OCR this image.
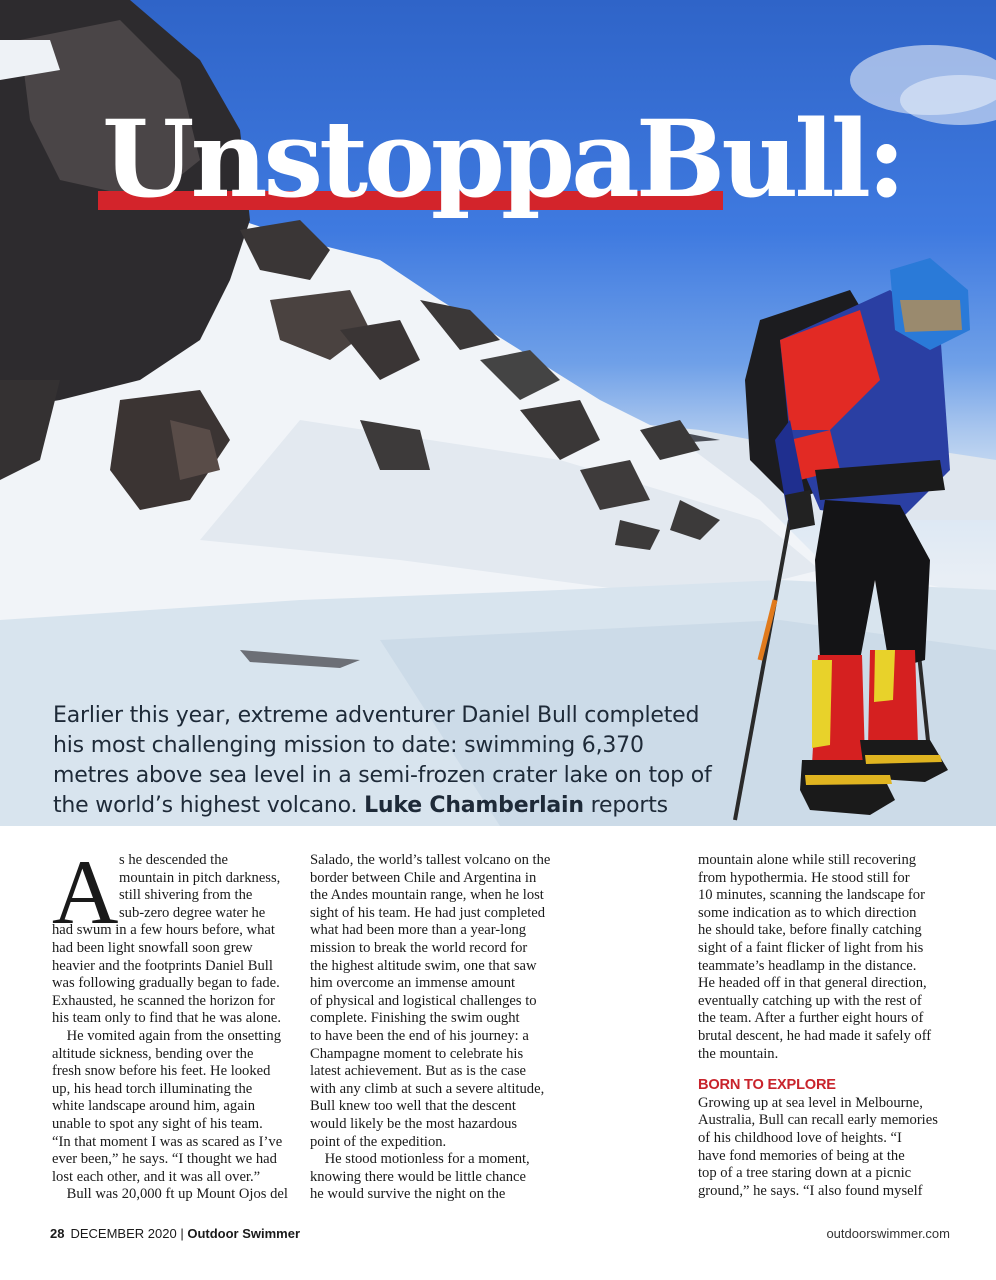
UnstoppaBull:
Earlier this year, extreme adventurer Daniel Bull completed
his most challenging mission to date: swimming 6,370
metres above sea level in a semi-frozen crater lake on top of
the world’s highest volcano. Luke Chamberlain reports
A s he descended the
mountain in pitch darkness,
still shivering from the
sub-zero degree water he
had swum in a few hours before, what
had been light snowfall soon grew
heavier and the footprints Daniel Bull
was following gradually began to fade.
Exhausted, he scanned the horizon for
his team only to find that he was alone.
 He vomited again from the onsetting
altitude sickness, bending over the
fresh snow before his feet. He looked
up, his head torch illuminating the
white landscape around him, again
unable to spot any sight of his team.
“In that moment I was as scared as I’ve
ever been,” he says. “I thought we had
lost each other, and it was all over.”
 Bull was 20,000 ft up Mount Ojos del
Salado, the world’s tallest volcano on the
border between Chile and Argentina in
the Andes mountain range, when he lost
sight of his team. He had just completed
what had been more than a year-long
mission to break the world record for
the highest altitude swim, one that saw
him overcome an immense amount
of physical and logistical challenges to
complete. Finishing the swim ought
to have been the end of his journey: a
Champagne moment to celebrate his
latest achievement. But as is the case
with any climb at such a severe altitude,
Bull knew too well that the descent
would likely be the most hazardous
point of the expedition.
 He stood motionless for a moment,
knowing there would be little chance
he would survive the night on the
mountain alone while still recovering
from hypothermia. He stood still for
10 minutes, scanning the landscape for
some indication as to which direction
he should take, before finally catching
sight of a faint flicker of light from his
teammate’s headlamp in the distance.
He headed off in that general direction,
eventually catching up with the rest of
the team. After a further eight hours of
brutal descent, he had made it safely off
the mountain.
BORN TO EXPLORE
Growing up at sea level in Melbourne,
Australia, Bull can recall early memories
of his childhood love of heights. “I
have fond memories of being at the
top of a tree staring down at a picnic
ground,” he says. “I also found myself
28 DECEMBER 2020 | Outdoor Swimmer	outdoorswimmer.com
